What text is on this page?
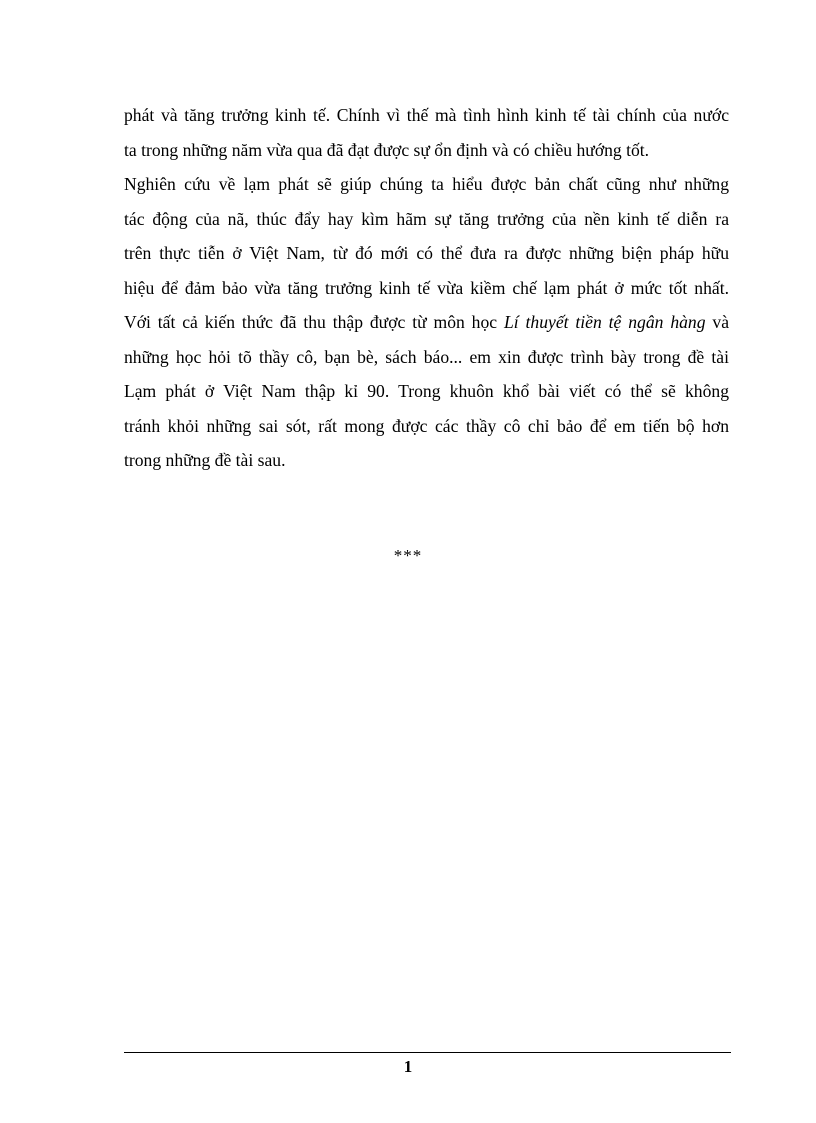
phát và tăng trưởng kinh tế. Chính vì thế mà tình hình kinh tế tài chính của nước
ta trong những năm vừa qua đã đạt được sự ổn định và có chiều hướng tốt.
Nghiên cứu về lạm phát sẽ giúp chúng ta hiểu được bản chất cũng như những
tác động của nã, thúc đẩy hay kìm hãm sự tăng trưởng của nền kinh tế diễn ra
trên thực tiễn ở Việt Nam, từ đó mới có thể đưa ra được những biện pháp hữu
hiệu để đảm bảo vừa tăng trưởng kinh tế vừa kiềm chế lạm phát ở mức tốt nhất.
Với tất cả kiến thức đã thu thập được từ môn học Lí thuyết tiền tệ ngân hàng và
những học hỏi tõ thầy cô, bạn bè, sách báo... em xin được trình bày trong đề tài
Lạm phát ở Việt Nam thập kỉ 90. Trong khuôn khổ bài viết có thể sẽ không
tránh khỏi những sai sót, rất mong được các thầy cô chỉ bảo để em tiến bộ hơn
trong những đề tài sau.
***
1
